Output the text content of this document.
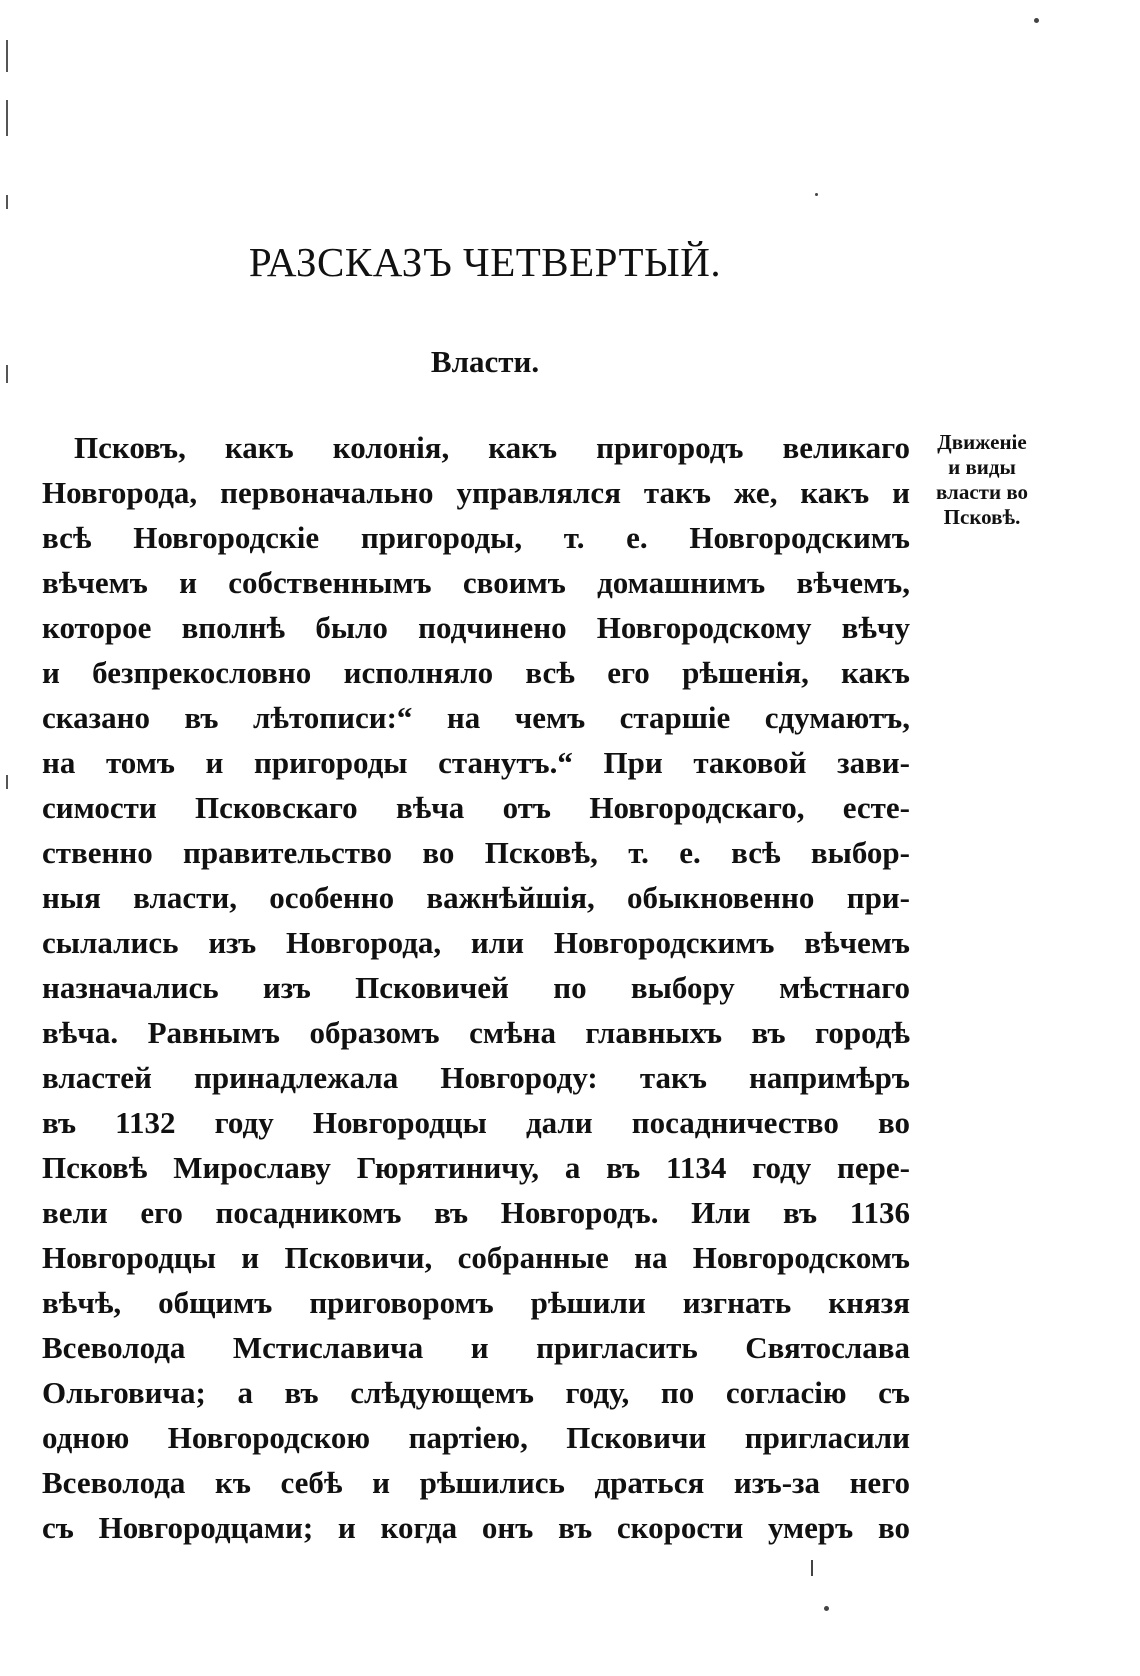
РАЗСКАЗЪ ЧЕТВЕРТЫЙ.
Власти.
Движеніе
и виды
власти во
Псковѣ.
Псковъ, какъ колонія, какъ пригородъ великаго
Новгорода, первоначально управлялся такъ же, какъ и
всѣ Новгородскіе пригороды, т. е. Новгородскимъ
вѣчемъ и собственнымъ своимъ домашнимъ вѣчемъ,
которое вполнѣ было подчинено Новгородскому вѣчу
и безпрекословно исполняло всѣ его рѣшенія, какъ
сказано въ лѣтописи:“ на чемъ старшіе сдумаютъ,
на томъ и пригороды станутъ.“ При таковой зави-
симости Псковскаго вѣча отъ Новгородскаго, есте-
ственно правительство во Псковѣ, т. е. всѣ выбор-
ныя власти, особенно важнѣйшія, обыкновенно при-
сылались изъ Новгорода, или Новгородскимъ вѣчемъ
назначались изъ Псковичей по выбору мѣстнаго
вѣча. Равнымъ образомъ смѣна главныхъ въ городѣ
властей принадлежала Новгороду: такъ напримѣръ
въ 1132 году Новгородцы дали посадничество во
Псковѣ Мирославу Гюрятиничу, а въ 1134 году пере-
вели его посадникомъ въ Новгородъ. Или въ 1136
Новгородцы и Псковичи, собранные на Новгородскомъ
вѣчѣ, общимъ приговоромъ рѣшили изгнать князя
Всеволода Мстиславича и пригласить Святослава
Ольговича; а въ слѣдующемъ году, по согласію съ
одною Новгородскою партіею, Псковичи пригласили
Всеволода къ себѣ и рѣшились драться изъ-за него
съ Новгородцами; и когда онъ въ скорости умеръ во
